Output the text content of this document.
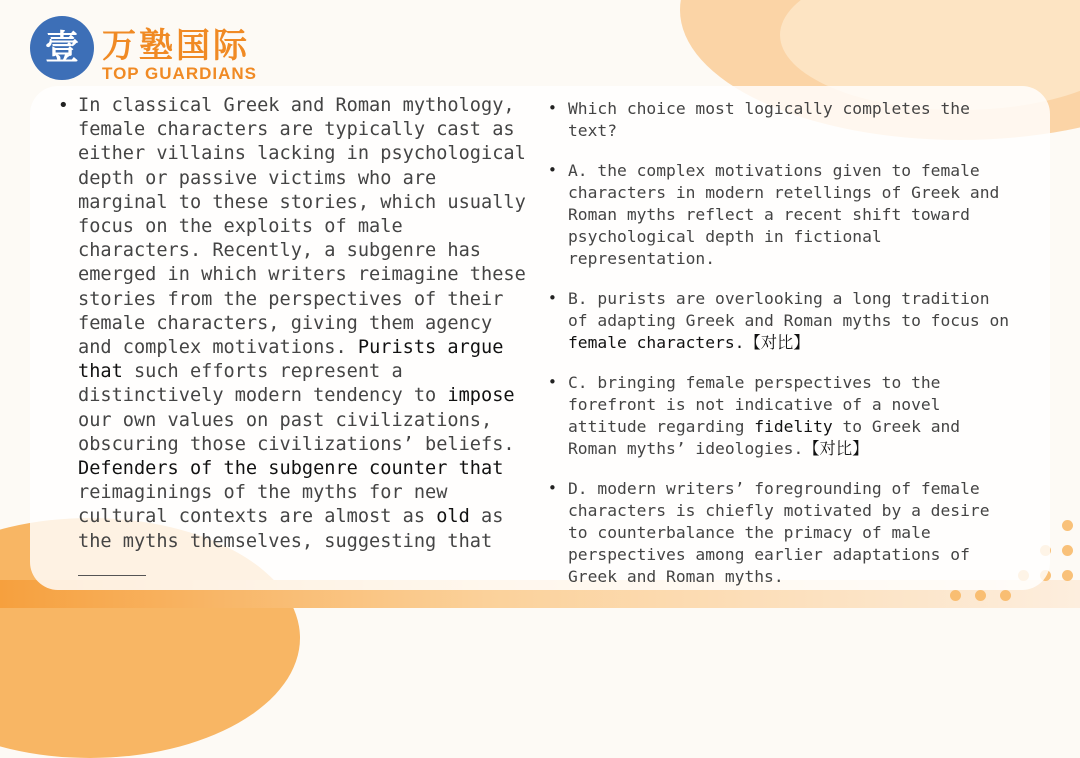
壹 万塾国际
TOP GUARDIANS
• In classical Greek and Roman mythology, female characters are typically cast as either villains lacking in psychological depth or passive victims who are marginal to these stories, which usually focus on the exploits of male characters. Recently, a subgenre has emerged in which writers reimagine these stories from the perspectives of their female characters, giving them agency and complex motivations. Purists argue that such efforts represent a distinctively modern tendency to impose our own values on past civilizations, obscuring those civilizations’ beliefs. Defenders of the subgenre counter that reimaginings of the myths for new cultural contexts are almost as old as the myths themselves, suggesting that
• Which choice most logically completes the text?
• A. the complex motivations given to female characters in modern retellings of Greek and Roman myths reflect a recent shift toward psychological depth in fictional representation.
• B. purists are overlooking a long tradition of adapting Greek and Roman myths to focus on female characters.【对比】
• C. bringing female perspectives to the forefront is not indicative of a novel attitude regarding fidelity to Greek and Roman myths’ ideologies.【对比】
• D. modern writers’ foregrounding of female characters is chiefly motivated by a desire to counterbalance the primacy of male perspectives among earlier adaptations of Greek and Roman myths.
